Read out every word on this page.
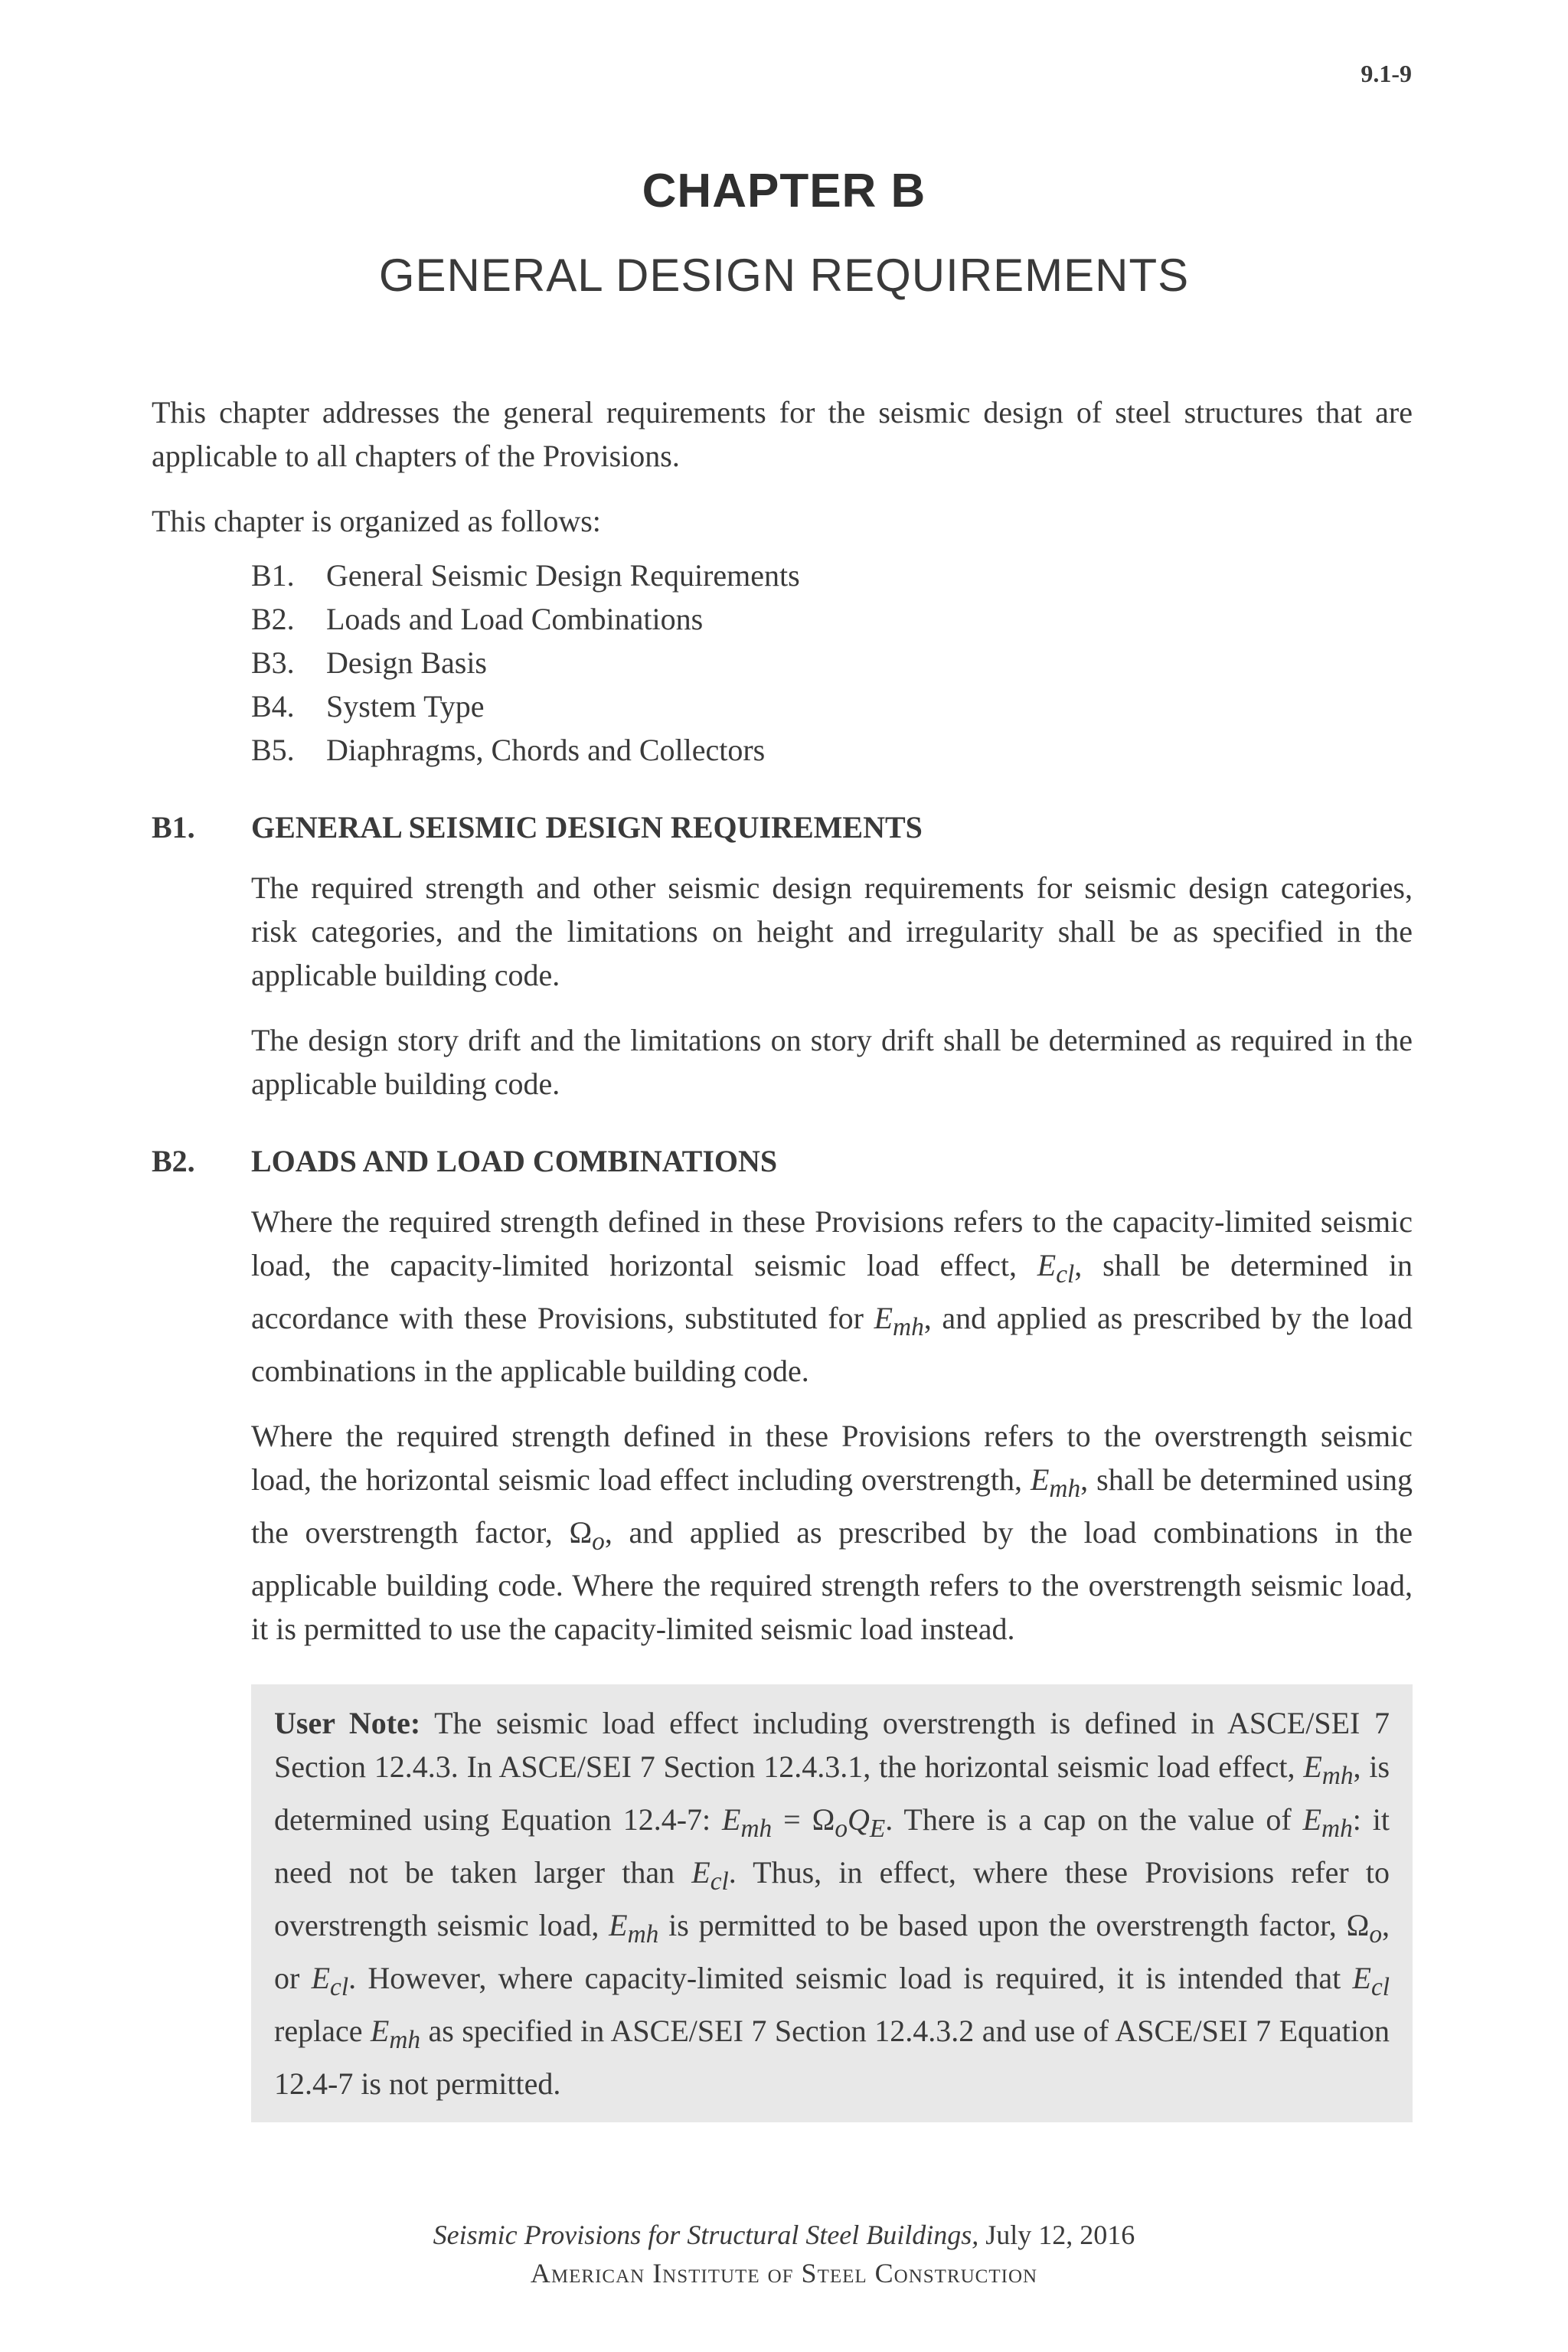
9.1-9
CHAPTER B
GENERAL DESIGN REQUIREMENTS

This chapter addresses the general requirements for the seismic design of steel structures that are applicable to all chapters of the Provisions.

This chapter is organized as follows:

B1.	General Seismic Design Requirements
B2.	Loads and Load Combinations
B3.	Design Basis
B4.	System Type
B5.	Diaphragms, Chords and Collectors
B1.	GENERAL SEISMIC DESIGN REQUIREMENTS

The required strength and other seismic design requirements for seismic design categories, risk categories, and the limitations on height and irregularity shall be as specified in the applicable building code.

The design story drift and the limitations on story drift shall be determined as required in the applicable building code.

B2.	LOADS AND LOAD COMBINATIONS

Where the required strength defined in these Provisions refers to the capacity-limited seismic load, the capacity-limited horizontal seismic load effect, $E_{cl}$, shall be determined in accordance with these Provisions, substituted for $E_{mh}$, and applied as prescribed by the load combinations in the applicable building code.

Where the required strength defined in these Provisions refers to the overstrength seismic load, the horizontal seismic load effect including overstrength, $E_{mh}$, shall be determined using the overstrength factor, $\Omega_o$, and applied as prescribed by the load combinations in the applicable building code. Where the required strength refers to the overstrength seismic load, it is permitted to use the capacity-limited seismic load instead.

User Note: The seismic load effect including overstrength is defined in ASCE/SEI 7 Section 12.4.3. In ASCE/SEI 7 Section 12.4.3.1, the horizontal seismic load effect, $E_{mh}$, is determined using Equation 12.4-7: $E_{mh} = \Omega_oQ_E$. There is a cap on the value of $E_{mh}$: it need not be taken larger than $E_{cl}$. Thus, in effect, where these Provisions refer to overstrength seismic load, $E_{mh}$ is permitted to be based upon the overstrength factor, $\Omega_o$, or $E_{cl}$. However, where capacity-limited seismic load is required, it is intended that $E_{cl}$ replace $E_{mh}$ as specified in ASCE/SEI 7 Section 12.4.3.2 and use of ASCE/SEI 7 Equation 12.4-7 is not permitted.

Seismic Provisions for Structural Steel Buildings, July 12, 2016
American Institute of Steel Construction
